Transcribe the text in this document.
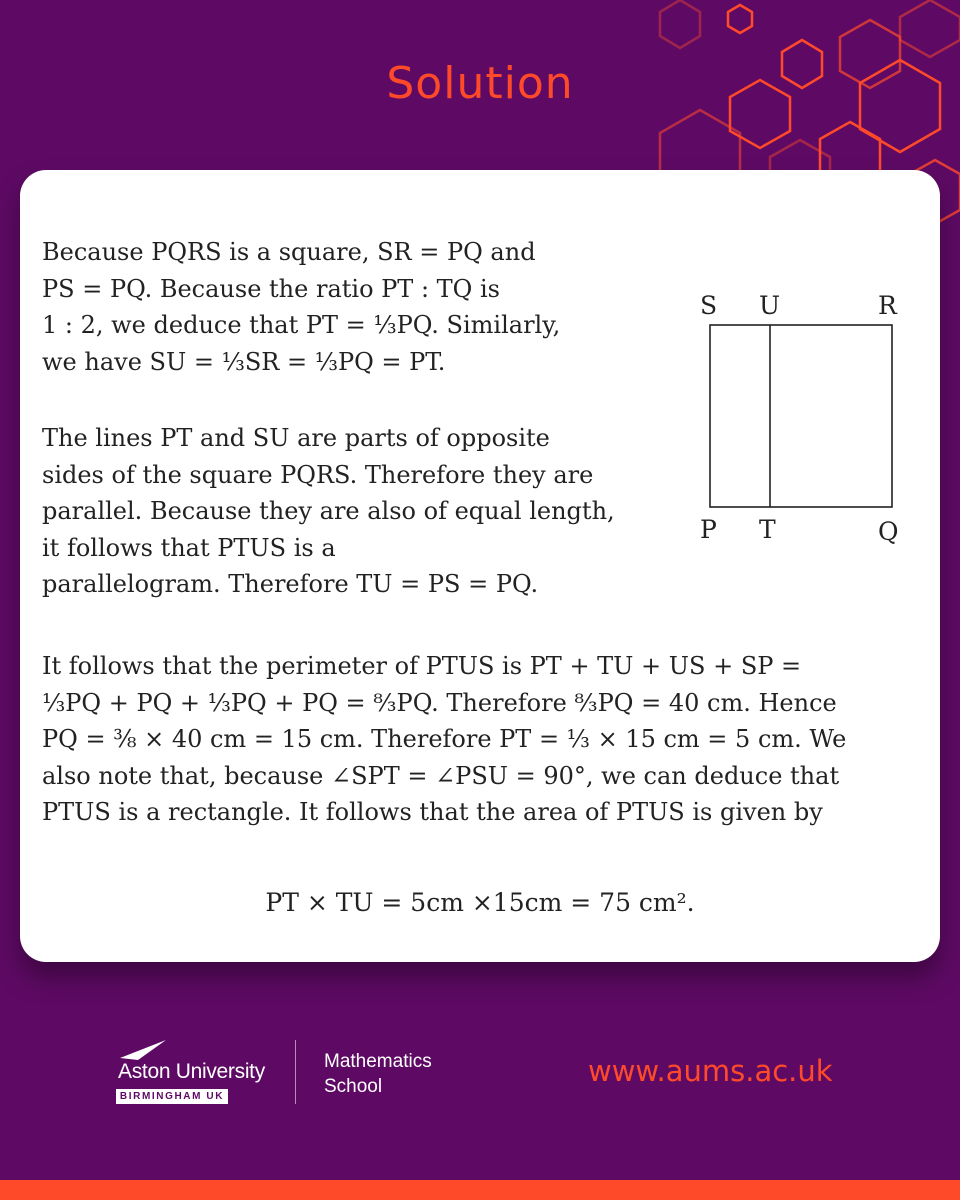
Solution
Because PQRS is a square, SR = PQ and
PS = PQ. Because the ratio PT : TQ is
1 : 2, we deduce that PT = ⅓PQ. Similarly,
we have SU = ⅓SR = ⅓PQ = PT.
The lines PT and SU are parts of opposite
sides of the square PQRS. Therefore they are
parallel. Because they are also of equal length,
it follows that PTUS is a
parallelogram. Therefore TU = PS = PQ.
S U	R
P T	Q
It follows that the perimeter of PTUS is PT + TU + US + SP =
⅓PQ + PQ + ⅓PQ + PQ = ⁸⁄₃PQ. Therefore ⁸⁄₃PQ = 40 cm. Hence
PQ = ⅜ × 40 cm = 15 cm. Therefore PT = ⅓ × 15 cm = 5 cm. We
also note that, because ∠SPT = ∠PSU = 90°, we can deduce that
PTUS is a rectangle. It follows that the area of PTUS is given by
PT × TU = 5cm ×15cm = 75 cm².
Aston University
BIRMINGHAM UK
Mathematics
School	www.aums.ac.uk
